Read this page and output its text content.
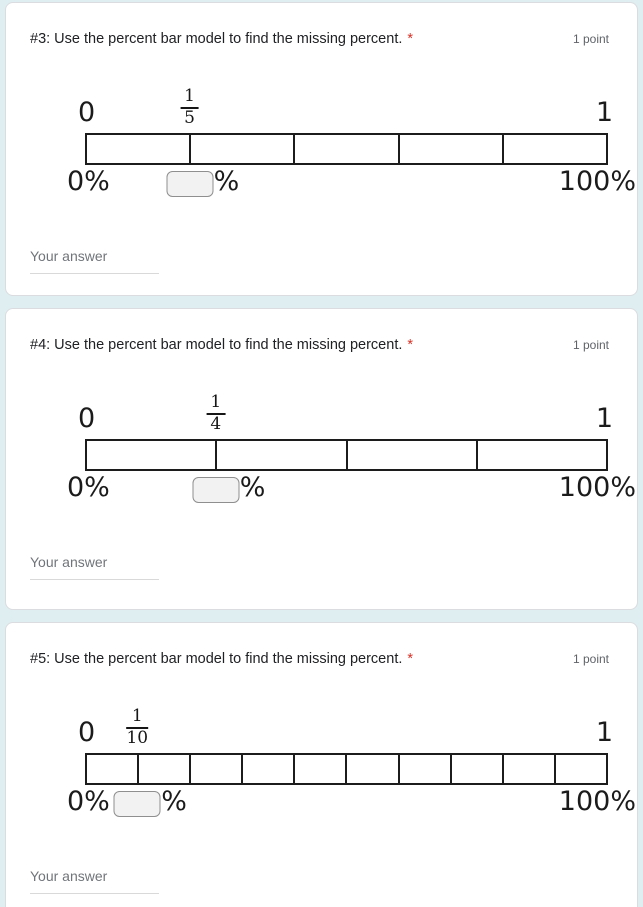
#3: Use the percent bar model to find the missing percent. *	1 point
0	$\frac{1}{5}$	1
0%	%	100%
Your answer
#4: Use the percent bar model to find the missing percent. *	1 point
0	$\frac{1}{4}$	1
0%	%	100%
Your answer
#5: Use the percent bar model to find the missing percent. *	1 point
$0 \frac{1}{10}$	1
0% %	100%
Your answer
